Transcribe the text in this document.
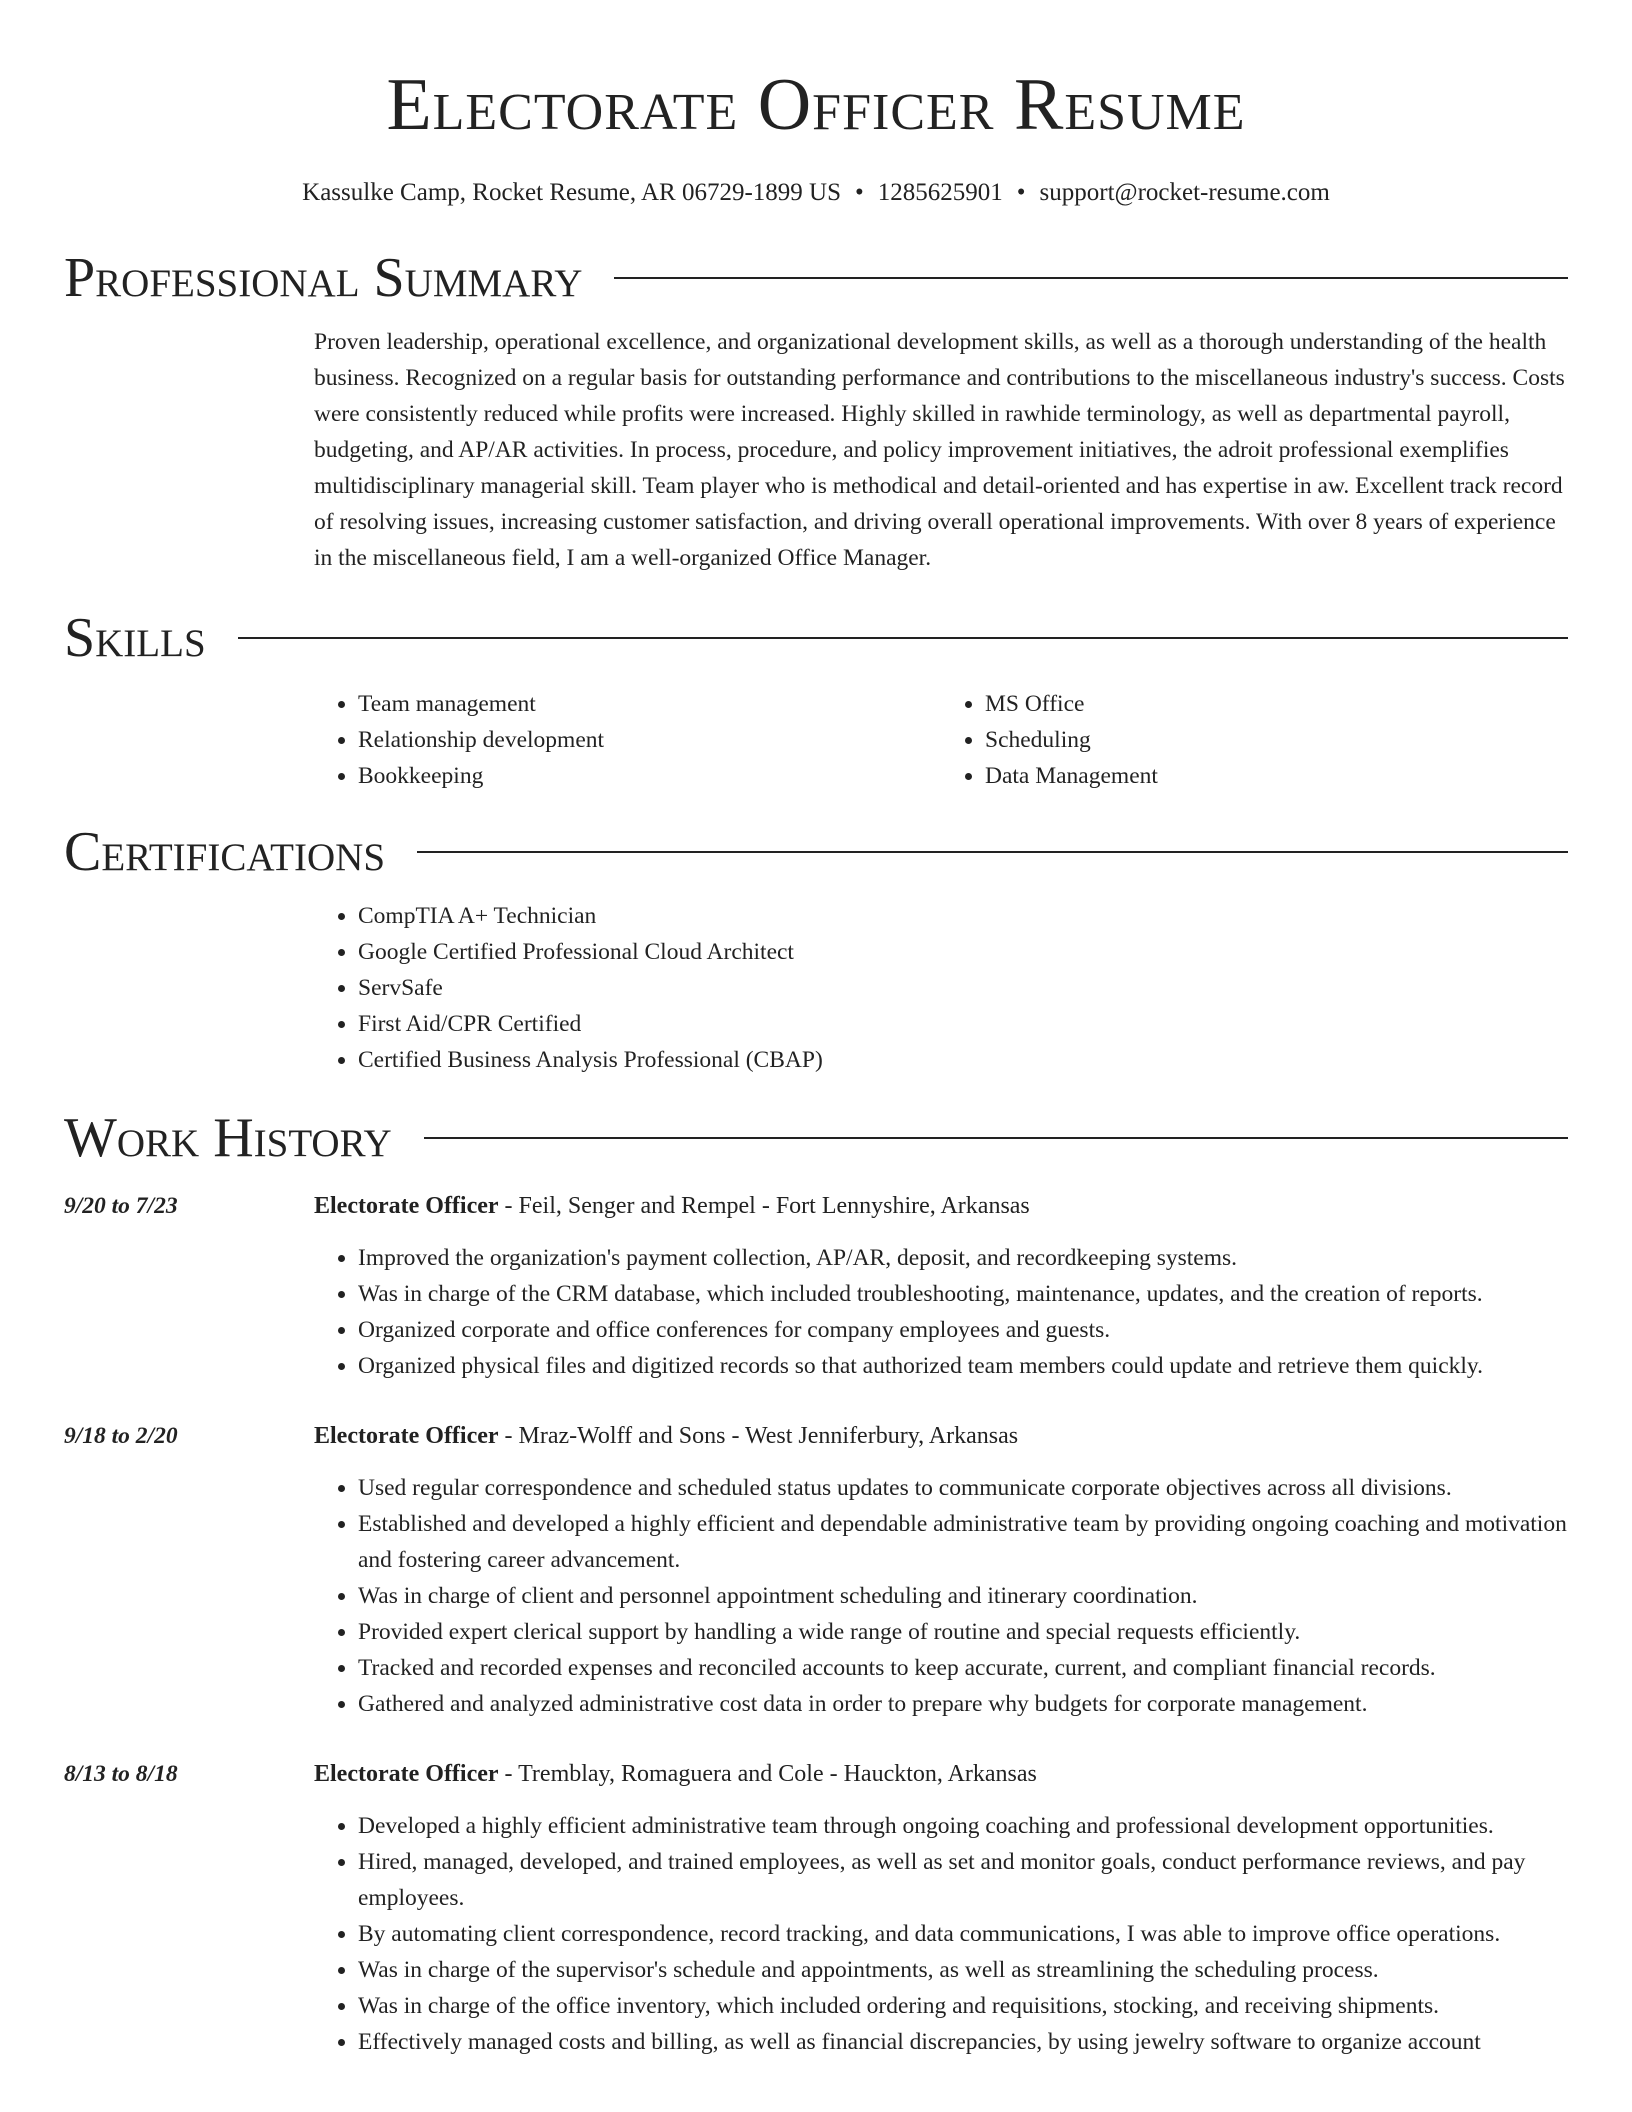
Electorate Officer Resume
Kassulke Camp, Rocket Resume, AR 06729-1899 US • 1285625901 • support@rocket-resume.com
Professional Summary
Proven leadership, operational excellence, and organizational development skills, as well as a thorough understanding of the health business. Recognized on a regular basis for outstanding performance and contributions to the miscellaneous industry's success. Costs were consistently reduced while profits were increased. Highly skilled in rawhide terminology, as well as departmental payroll, budgeting, and AP/AR activities. In process, procedure, and policy improvement initiatives, the adroit professional exemplifies multidisciplinary managerial skill. Team player who is methodical and detail-oriented and has expertise in aw. Excellent track record of resolving issues, increasing customer satisfaction, and driving overall operational improvements. With over 8 years of experience in the miscellaneous field, I am a well-organized Office Manager.
Skills
• Team management
• Relationship development
• Bookkeeping
• MS Office
• Scheduling
• Data Management
Certifications
• CompTIA A+ Technician
• Google Certified Professional Cloud Architect
• ServSafe
• First Aid/CPR Certified
• Certified Business Analysis Professional (CBAP)
Work History
9/20 to 7/23	Electorate Officer - Feil, Senger and Rempel - Fort Lennyshire, Arkansas
• Improved the organization's payment collection, AP/AR, deposit, and recordkeeping systems.
• Was in charge of the CRM database, which included troubleshooting, maintenance, updates, and the creation of reports.
• Organized corporate and office conferences for company employees and guests.
• Organized physical files and digitized records so that authorized team members could update and retrieve them quickly.
9/18 to 2/20	Electorate Officer - Mraz-Wolff and Sons - West Jenniferbury, Arkansas
• Used regular correspondence and scheduled status updates to communicate corporate objectives across all divisions.
• Established and developed a highly efficient and dependable administrative team by providing ongoing coaching and motivation and fostering career advancement.
• Was in charge of client and personnel appointment scheduling and itinerary coordination.
• Provided expert clerical support by handling a wide range of routine and special requests efficiently.
• Tracked and recorded expenses and reconciled accounts to keep accurate, current, and compliant financial records.
• Gathered and analyzed administrative cost data in order to prepare why budgets for corporate management.
8/13 to 8/18	Electorate Officer - Tremblay, Romaguera and Cole - Hauckton, Arkansas
• Developed a highly efficient administrative team through ongoing coaching and professional development opportunities.
• Hired, managed, developed, and trained employees, as well as set and monitor goals, conduct performance reviews, and pay employees.
• By automating client correspondence, record tracking, and data communications, I was able to improve office operations.
• Was in charge of the supervisor's schedule and appointments, as well as streamlining the scheduling process.
• Was in charge of the office inventory, which included ordering and requisitions, stocking, and receiving shipments.
• Effectively managed costs and billing, as well as financial discrepancies, by using jewelry software to organize account
